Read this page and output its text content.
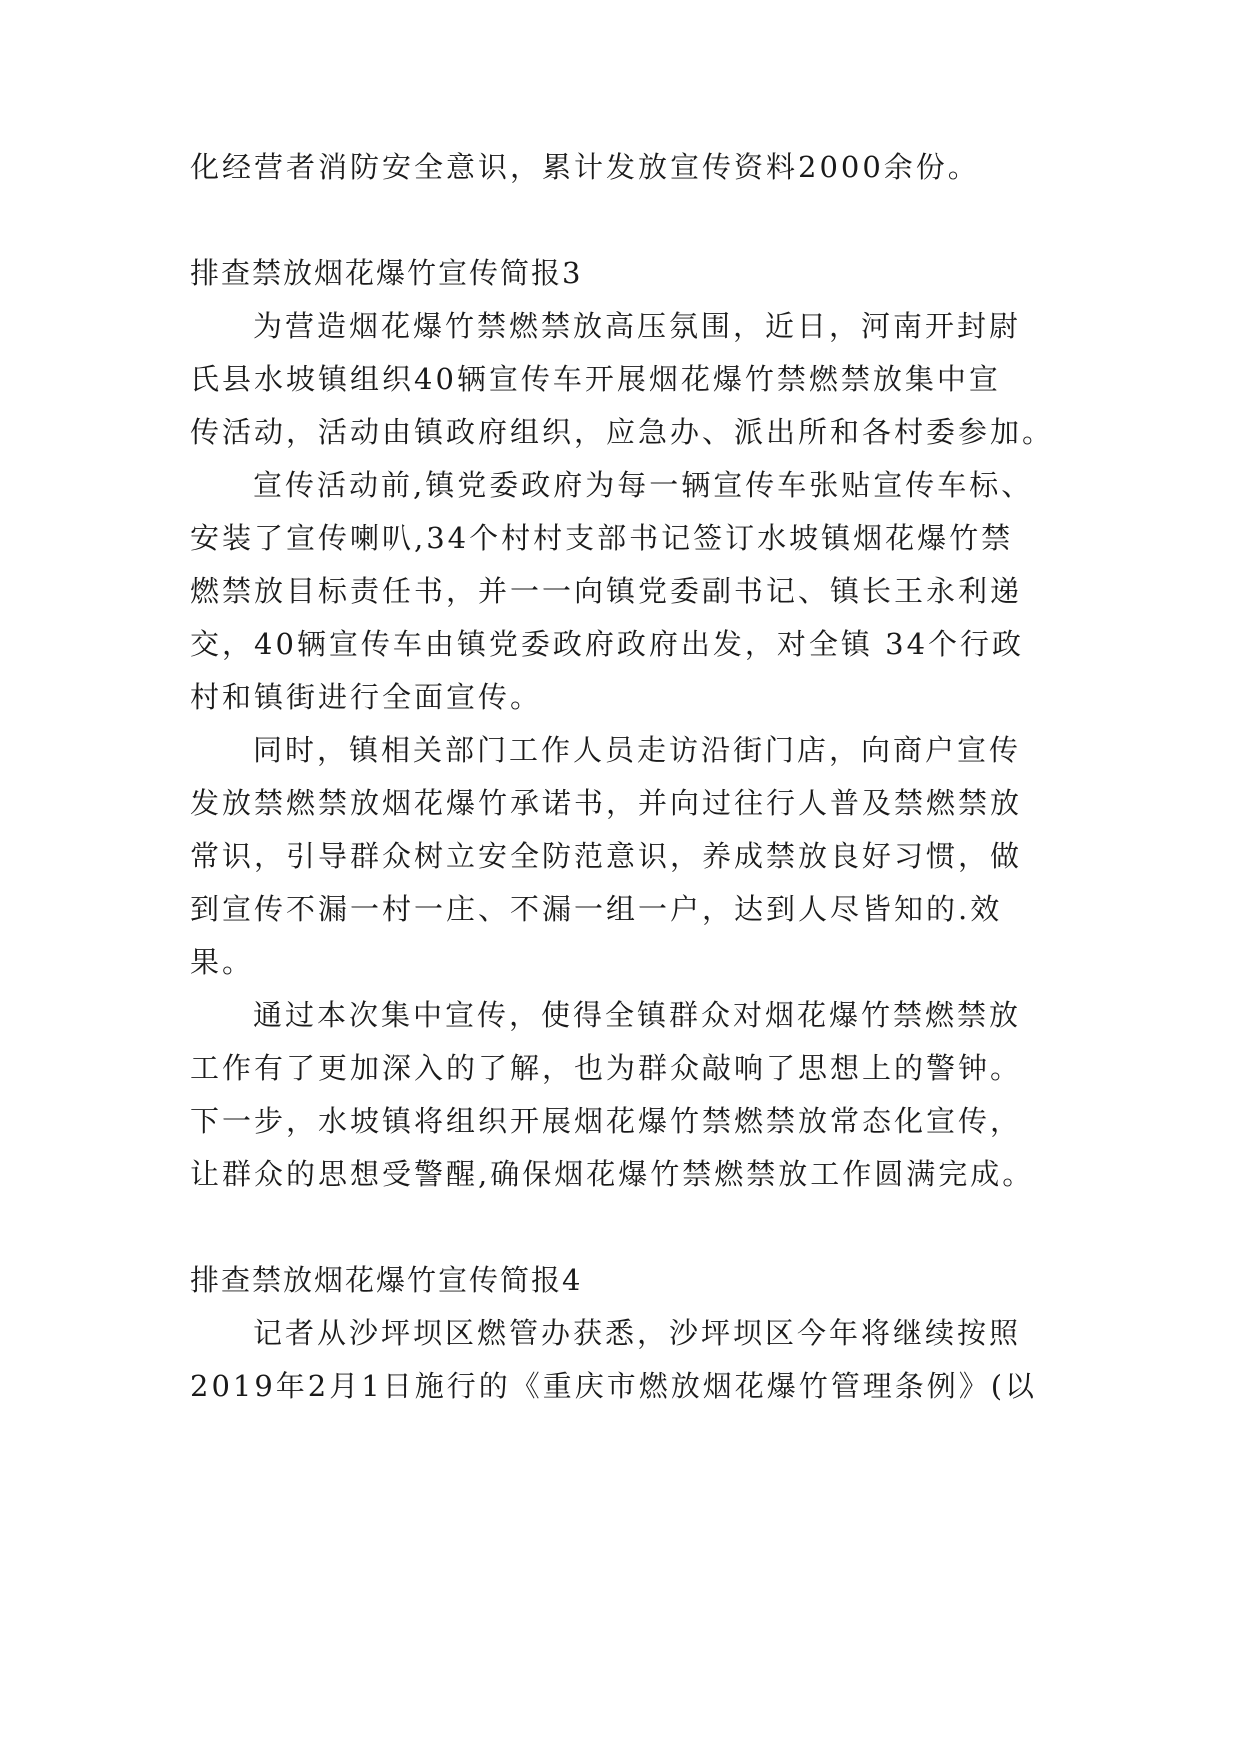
化经营者消防安全意识，累计发放宣传资料2000余份。
排查禁放烟花爆竹宣传简报3
为营造烟花爆竹禁燃禁放高压氛围，近日，河南开封尉
氏县水坡镇组织40辆宣传车开展烟花爆竹禁燃禁放集中宣
传活动，活动由镇政府组织，应急办、派出所和各村委参加。
宣传活动前,镇党委政府为每一辆宣传车张贴宣传车标、
安装了宣传喇叭,34个村村支部书记签订水坡镇烟花爆竹禁
燃禁放目标责任书，并一一向镇党委副书记、镇长王永利递
交，40辆宣传车由镇党委政府政府出发，对全镇 34个行政
村和镇街进行全面宣传。
同时，镇相关部门工作人员走访沿街门店，向商户宣传
发放禁燃禁放烟花爆竹承诺书，并向过往行人普及禁燃禁放
常识，引导群众树立安全防范意识，养成禁放良好习惯，做
到宣传不漏一村一庄、不漏一组一户，达到人尽皆知的.效
果。
通过本次集中宣传，使得全镇群众对烟花爆竹禁燃禁放
工作有了更加深入的了解，也为群众敲响了思想上的警钟。
下一步，水坡镇将组织开展烟花爆竹禁燃禁放常态化宣传，
让群众的思想受警醒,确保烟花爆竹禁燃禁放工作圆满完成。
排查禁放烟花爆竹宣传简报4
记者从沙坪坝区燃管办获悉，沙坪坝区今年将继续按照
2019年2月1日施行的《重庆市燃放烟花爆竹管理条例》(以
